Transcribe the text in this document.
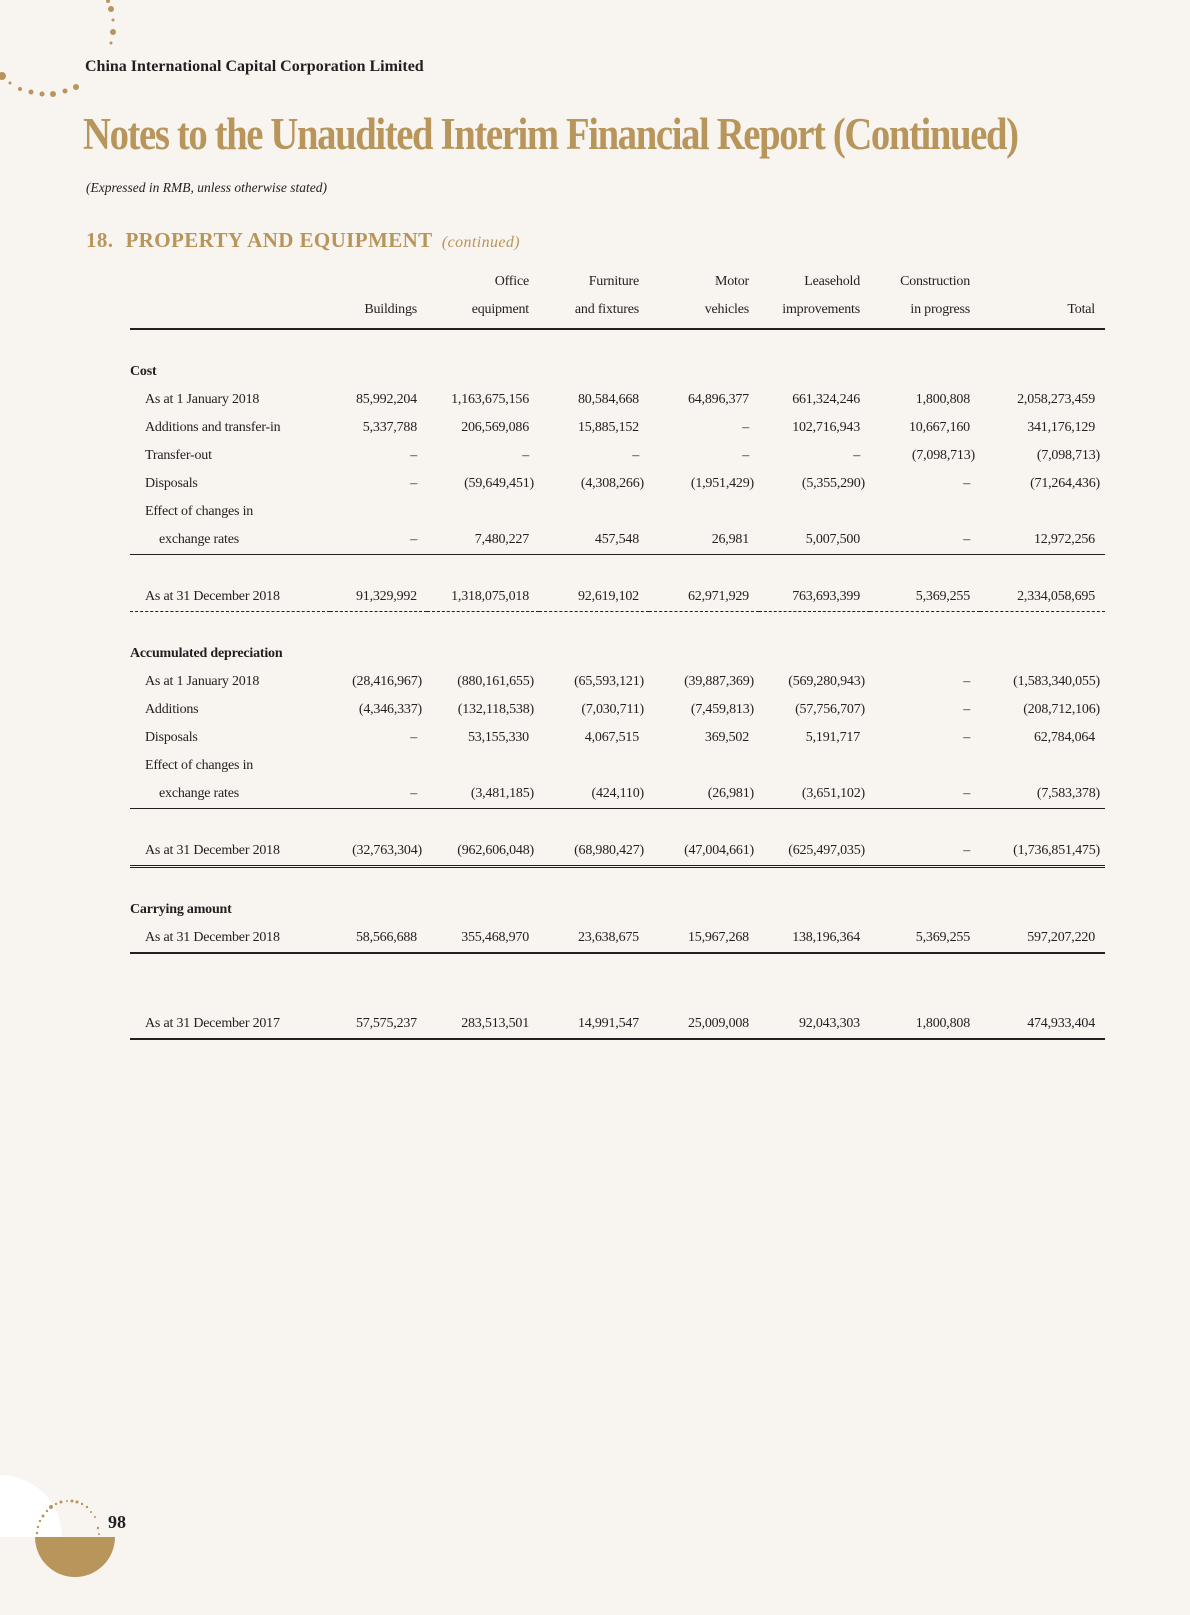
China International Capital Corporation Limited
Notes to the Unaudited Interim Financial Report (Continued)
(Expressed in RMB, unless otherwise stated)
18. PROPERTY AND EQUIPMENT (continued)
		Office	Furniture	Motor	Leasehold	Construction	
	Buildings	equipment	and fixtures	vehicles	improvements	in progress	Total

Cost							
As at 1 January 2018	85,992,204	1,163,675,156	80,584,668	64,896,377	661,324,246	1,800,808	2,058,273,459
Additions and transfer-in	5,337,788	206,569,086	15,885,152	–	102,716,943	10,667,160	341,176,129
Transfer-out	–	–	–	–	–	(7,098,713)	(7,098,713)
Disposals	–	(59,649,451)	(4,308,266)	(1,951,429)	(5,355,290)	–	(71,264,436)
Effect of changes in							
exchange rates	–	7,480,227	457,548	26,981	5,007,500	–	12,972,256

As at 31 December 2018	91,329,992	1,318,075,018	92,619,102	62,971,929	763,693,399	5,369,255	2,334,058,695

Accumulated depreciation							
As at 1 January 2018	(28,416,967)	(880,161,655)	(65,593,121)	(39,887,369)	(569,280,943)	–	(1,583,340,055)
Additions	(4,346,337)	(132,118,538)	(7,030,711)	(7,459,813)	(57,756,707)	–	(208,712,106)
Disposals	–	53,155,330	4,067,515	369,502	5,191,717	–	62,784,064
Effect of changes in							
exchange rates	–	(3,481,185)	(424,110)	(26,981)	(3,651,102)	–	(7,583,378)

As at 31 December 2018	(32,763,304)	(962,606,048)	(68,980,427)	(47,004,661)	(625,497,035)	–	(1,736,851,475)

Carrying amount							
As at 31 December 2018	58,566,688	355,468,970	23,638,675	15,967,268	138,196,364	5,369,255	597,207,220

As at 31 December 2017	57,575,237	283,513,501	14,991,547	25,009,008	92,043,303	1,800,808	474,933,404
98
